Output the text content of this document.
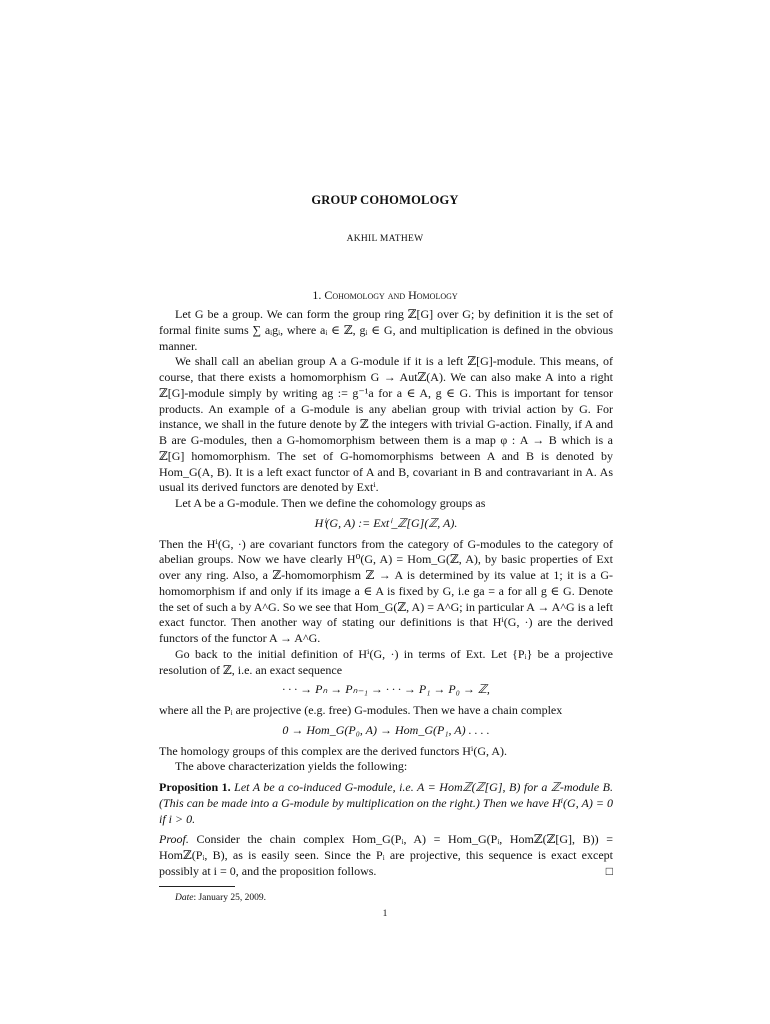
GROUP COHOMOLOGY
AKHIL MATHEW
1. Cohomology and Homology

Let G be a group. We can form the group ring ℤ[G] over G; by definition it is the set of formal finite sums ∑ aᵢgᵢ, where aᵢ ∈ ℤ, gᵢ ∈ G, and multiplication is defined in the obvious manner.

We shall call an abelian group A a G-module if it is a left ℤ[G]-module. This means, of course, that there exists a homomorphism G → Autℤ(A). We can also make A into a right ℤ[G]-module simply by writing ag := g⁻¹a for a ∈ A, g ∈ G. This is important for tensor products. An example of a G-module is any abelian group with trivial action by G. For instance, we shall in the future denote by ℤ the integers with trivial G-action. Finally, if A and B are G-modules, then a G-homomorphism between them is a map φ : A → B which is a ℤ[G] homomorphism. The set of G-homomorphisms between A and B is denoted by Hom_G(A, B). It is a left exact functor of A and B, covariant in B and contravariant in A. As usual its derived functors are denoted by Extⁱ.

Let A be a G-module. Then we define the cohomology groups as

Hⁱ(G, A) := Extⁱ_ℤ[G](ℤ, A).

Then the Hⁱ(G, ·) are covariant functors from the category of G-modules to the category of abelian groups. Now we have clearly H⁰(G, A) = Hom_G(ℤ, A), by basic properties of Ext over any ring. Also, a ℤ-homomorphism ℤ → A is determined by its value at 1; it is a G-homomorphism if and only if its image a ∈ A is fixed by G, i.e ga = a for all g ∈ G. Denote the set of such a by A^G. So we see that Hom_G(ℤ, A) = A^G; in particular A → A^G is a left exact functor. Then another way of stating our definitions is that Hⁱ(G, ·) are the derived functors of the functor A → A^G.

Go back to the initial definition of Hⁱ(G, ·) in terms of Ext. Let {Pᵢ} be a projective resolution of ℤ, i.e. an exact sequence

· · · → Pₙ → Pₙ₋₁ → · · · → P₁ → P₀ → ℤ,

where all the Pᵢ are projective (e.g. free) G-modules. Then we have a chain complex

0 → Hom_G(P₀, A) → Hom_G(P₁, A) . . . .

The homology groups of this complex are the derived functors Hⁱ(G, A).

The above characterization yields the following:

Proposition 1. Let A be a co-induced G-module, i.e. A = Homℤ(ℤ[G], B) for a ℤ-module B. (This can be made into a G-module by multiplication on the right.) Then we have Hⁱ(G, A) = 0 if i > 0.

Proof. Consider the chain complex Hom_G(Pᵢ, A) = Hom_G(Pᵢ, Homℤ(ℤ[G], B)) = Homℤ(Pᵢ, B), as is easily seen. Since the Pᵢ are projective, this sequence is exact except possibly at i = 0, and the proposition follows.	□

Date: January 25, 2009.
1
